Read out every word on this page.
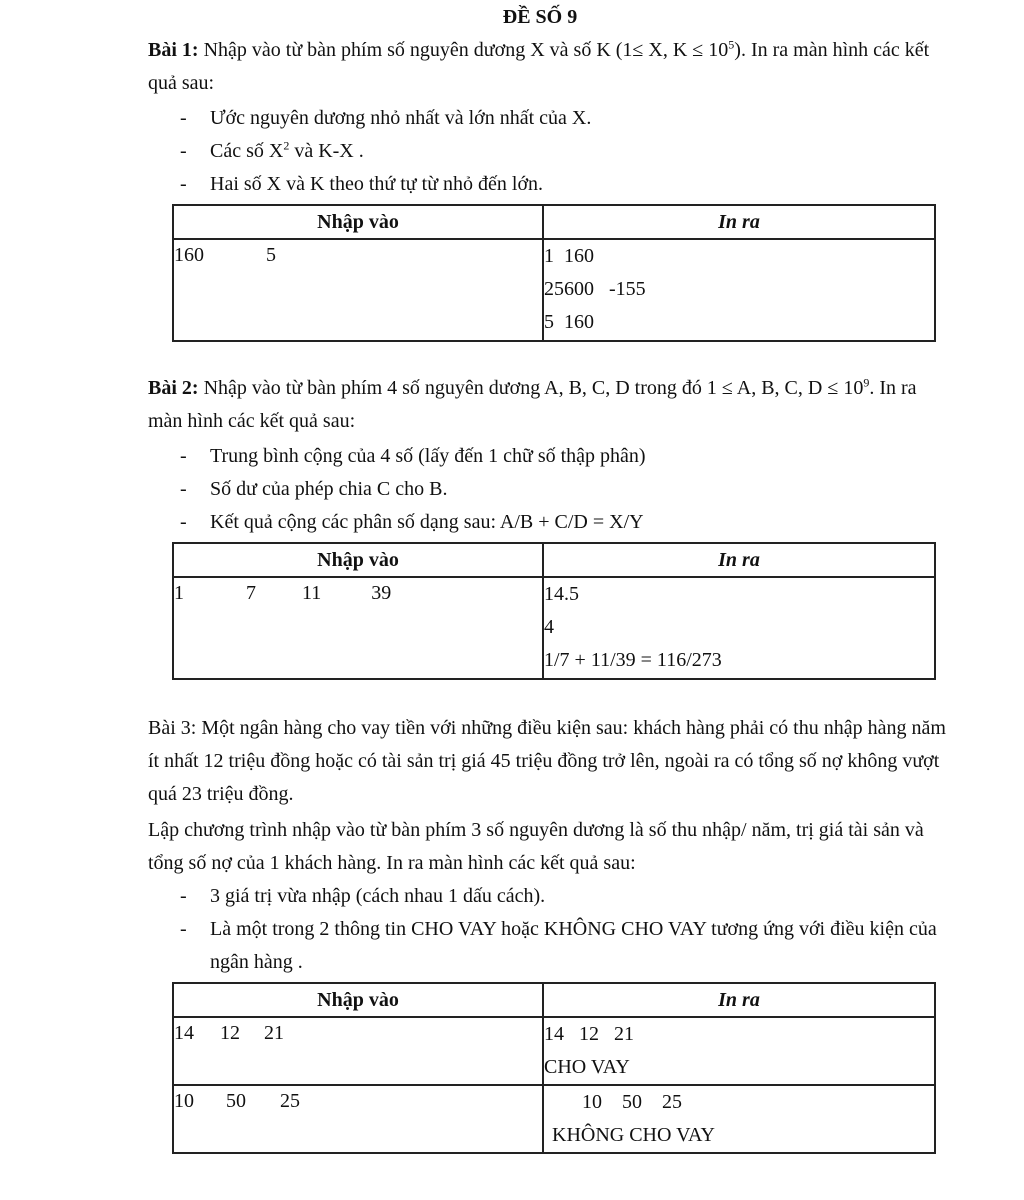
ĐỀ SỐ 9

Bài 1: Nhập vào từ bàn phím số nguyên dương X và số K (1≤ X, $K \le 10^5$). In ra màn hình các kết quả sau:

- Ước nguyên dương nhỏ nhất và lớn nhất của X.
- Các số $X^2$ và K-X .
- Hai số X và K theo thứ tự từ nhỏ đến lớn.
Nhập vào	In ra
160 5	1  160
25600   -155
5  160

Bài 2: Nhập vào từ bàn phím 4 số nguyên dương A, B, C, D trong đó 1 ≤ A, B, C, $D \le 10^9$. In ra màn hình các kết quả sau:

- Trung bình cộng của 4 số (lấy đến 1 chữ số thập phân)
- Số dư của phép chia C cho B.
- Kết quả cộng các phân số dạng sau: A/B + C/D = X/Y
Nhập vào	In ra
1 7 11 39	14.5
4
1/7 + 11/39 = 116/273

Bài 3: Một ngân hàng cho vay tiền với những điều kiện sau: khách hàng phải có thu nhập hàng năm ít nhất 12 triệu đồng hoặc có tài sản trị giá 45 triệu đồng trở lên, ngoài ra có tổng số nợ không vượt quá 23 triệu đồng.

Lập chương trình nhập vào từ bàn phím 3 số nguyên dương là số thu nhập/ năm, trị giá tài sản và tổng số nợ của 1 khách hàng. In ra màn hình các kết quả sau:

- 3 giá trị vừa nhập (cách nhau 1 dấu cách).
- Là một trong 2 thông tin CHO VAY hoặc KHÔNG CHO VAY tương ứng với điều kiện của ngân hàng .
Nhập vào	In ra
14 12 21	14   12   21
CHO VAY

10 50 25	10    50    25
KHÔNG CHO VAY
